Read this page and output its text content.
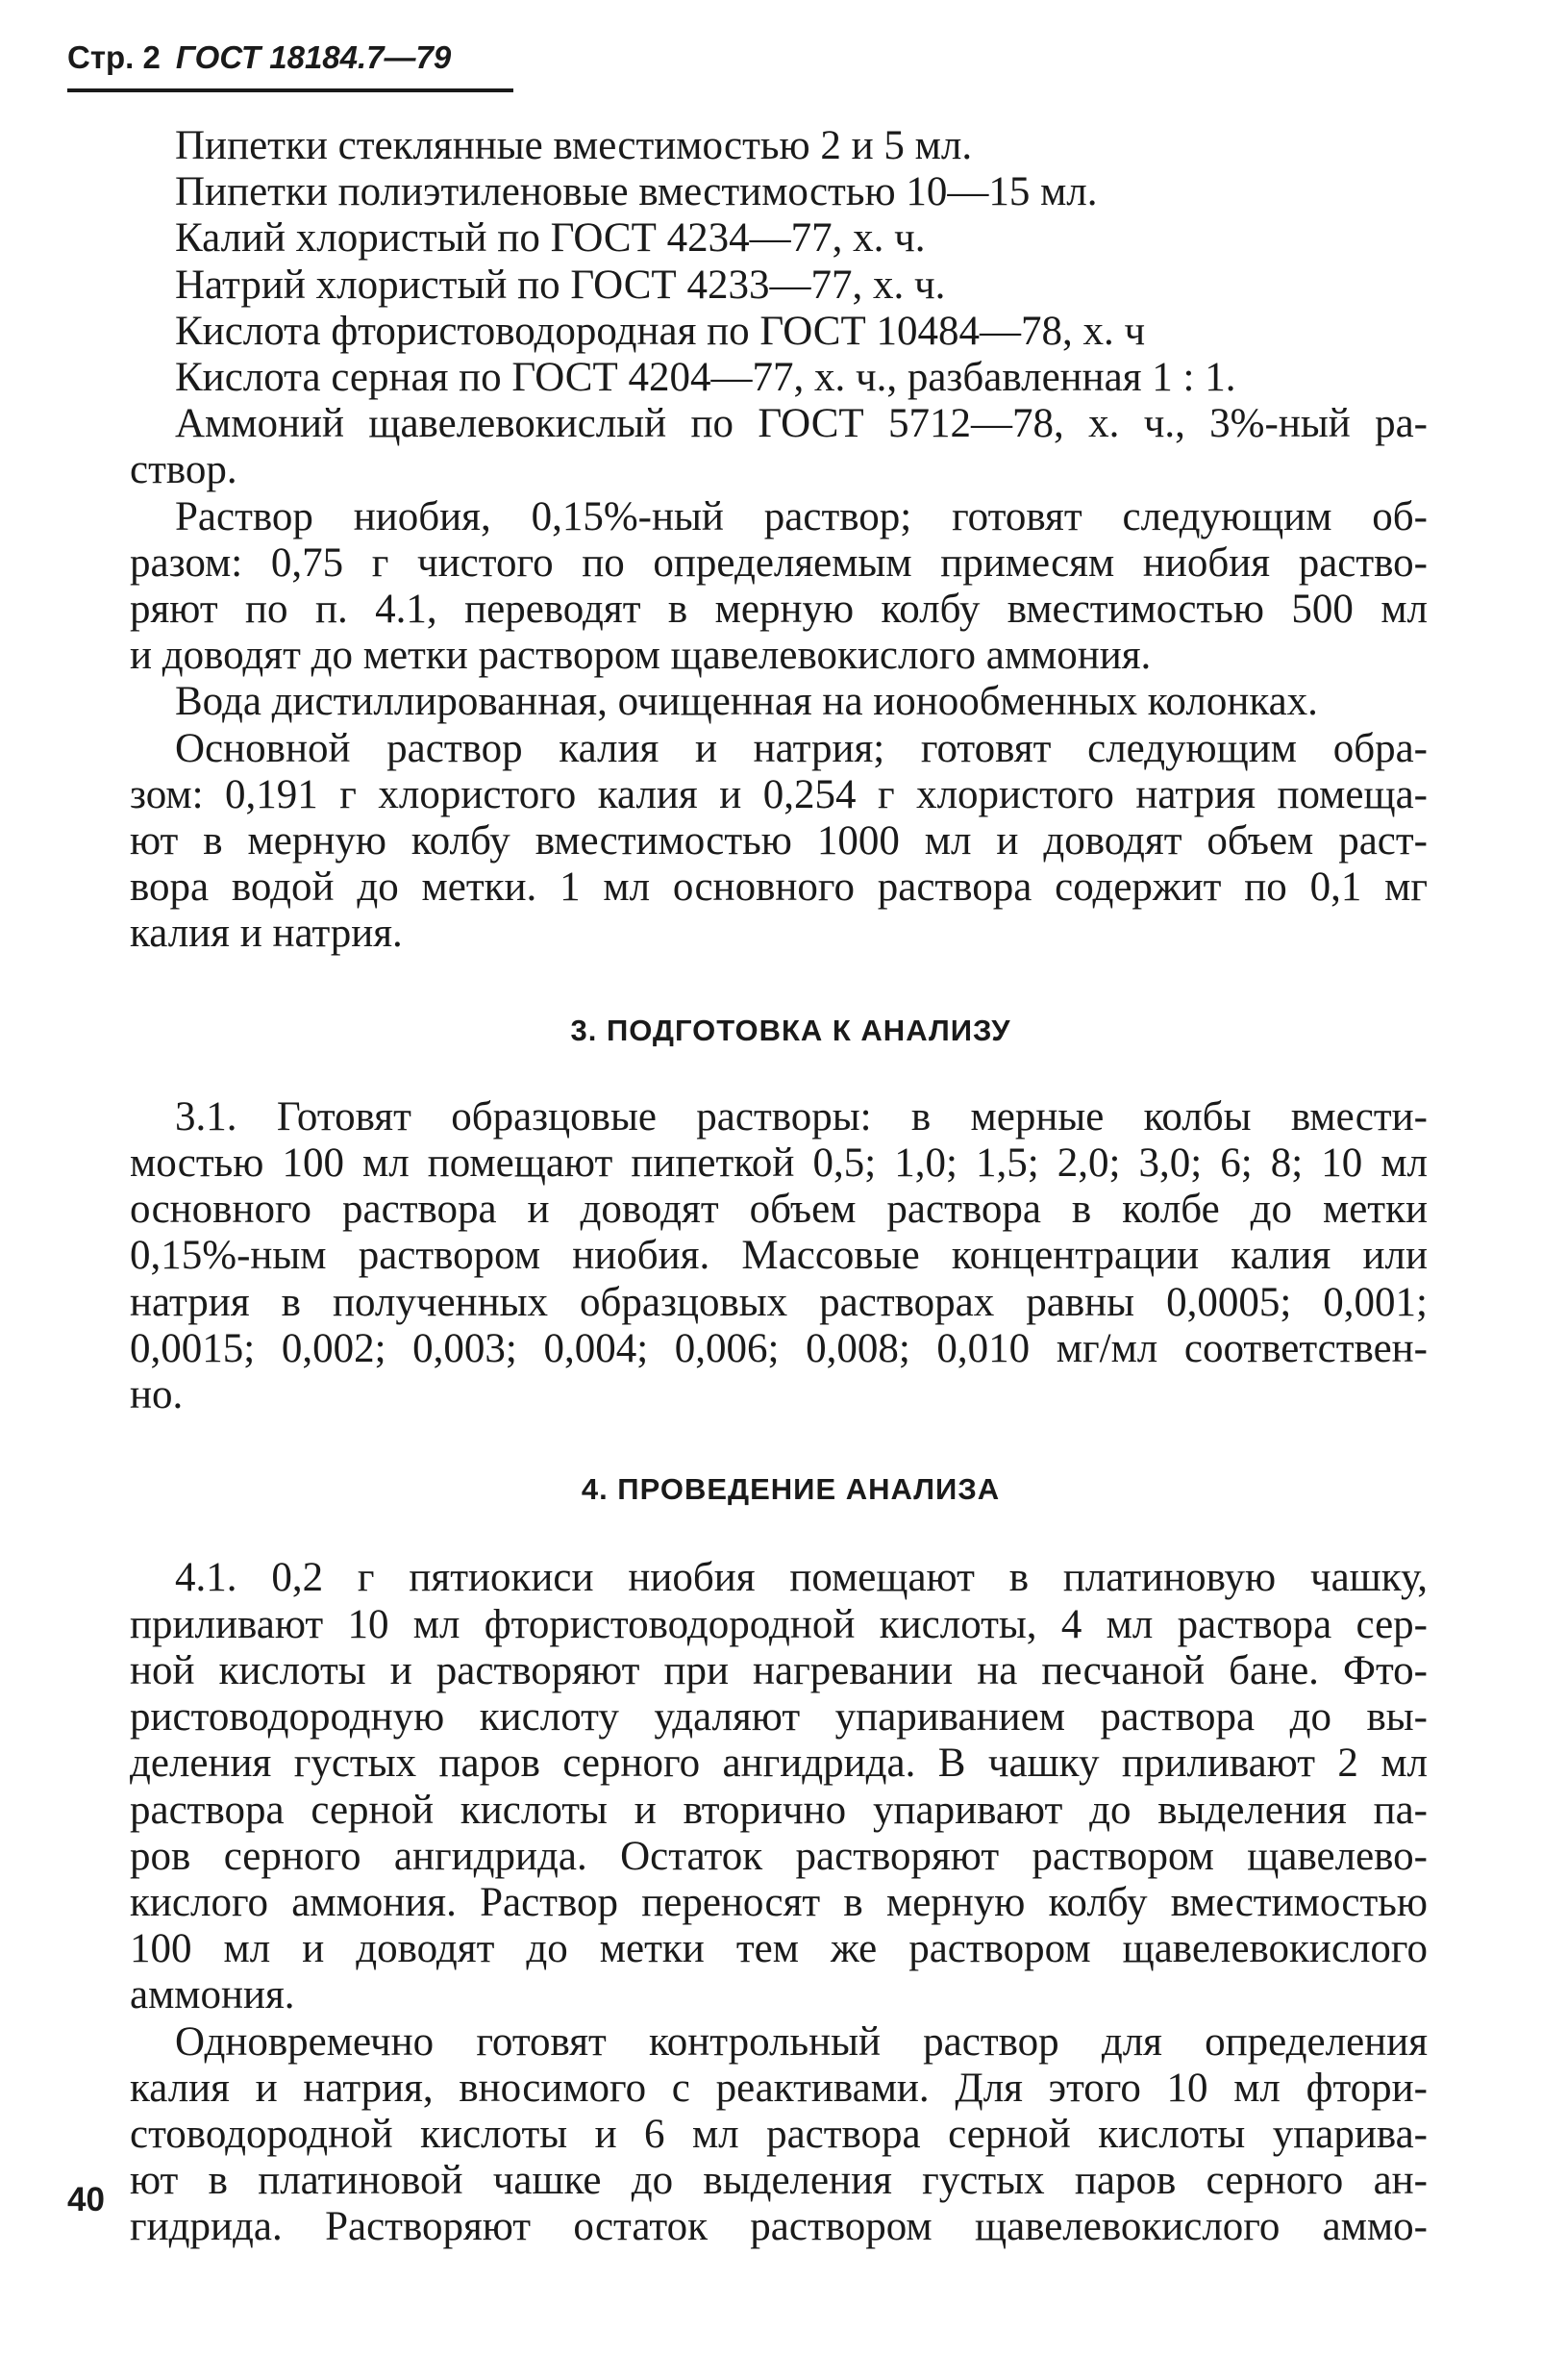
Стр. 2 ГОСТ 18184.7—79
Пипетки стеклянные вместимостью 2 и 5 мл.
Пипетки полиэтиленовые вместимостью 10—15 мл.
Калий хлористый по ГОСТ 4234—77, х. ч.
Натрий хлористый по ГОСТ 4233—77, х. ч.
Кислота фтористоводородная по ГОСТ 10484—78, х. ч
Кислота серная по ГОСТ 4204—77, х. ч., разбавленная 1 : 1.
Аммоний щавелевокислый по ГОСТ 5712—78, х. ч., 3%-ный ра-
створ.
Раствор ниобия, 0,15%-ный раствор; готовят следующим об-
разом: 0,75 г чистого по определяемым примесям ниобия раство-
ряют по п. 4.1, переводят в мерную колбу вместимостью 500 мл
и доводят до метки раствором щавелевокислого аммония.
Вода дистиллированная, очищенная на ионообменных колонках.
Основной раствор калия и натрия; готовят следующим обра-
зом: 0,191 г хлористого калия и 0,254 г хлористого натрия помеща-
ют в мерную колбу вместимостью 1000 мл и доводят объем раст-
вора водой до метки. 1 мл основного раствора содержит по 0,1 мг
калия и натрия.
3. ПОДГОТОВКА К АНАЛИЗУ
3.1. Готовят образцовые растворы: в мерные колбы вмести-
мостью 100 мл помещают пипеткой 0,5; 1,0; 1,5; 2,0; 3,0; 6; 8; 10 мл
основного раствора и доводят объем раствора в колбе до метки
0,15%-ным раствором ниобия. Массовые концентрации калия или
натрия в полученных образцовых растворах равны 0,0005; 0,001;
0,0015; 0,002; 0,003; 0,004; 0,006; 0,008; 0,010 мг/мл соответствен-
но.
4. ПРОВЕДЕНИЕ АНАЛИЗА
4.1. 0,2 г пятиокиси ниобия помещают в платиновую чашку,
приливают 10 мл фтористоводородной кислоты, 4 мл раствора сер-
ной кислоты и растворяют при нагревании на песчаной бане. Фто-
ристоводородную кислоту удаляют упариванием раствора до вы-
деления густых паров серного ангидрида. В чашку приливают 2 мл
раствора серной кислоты и вторично упаривают до выделения па-
ров серного ангидрида. Остаток растворяют раствором щавелево-
кислого аммония. Раствор переносят в мерную колбу вместимостью
100 мл и доводят до метки тем же раствором щавелевокислого
аммония.
Одновремечно готовят контрольный раствор для определения
калия и натрия, вносимого с реактивами. Для этого 10 мл фтори-
стоводородной кислоты и 6 мл раствора серной кислоты упарива-
ют в платиновой чашке до выделения густых паров серного ан-
гидрида. Растворяют остаток раствором щавелевокислого аммо-
40
